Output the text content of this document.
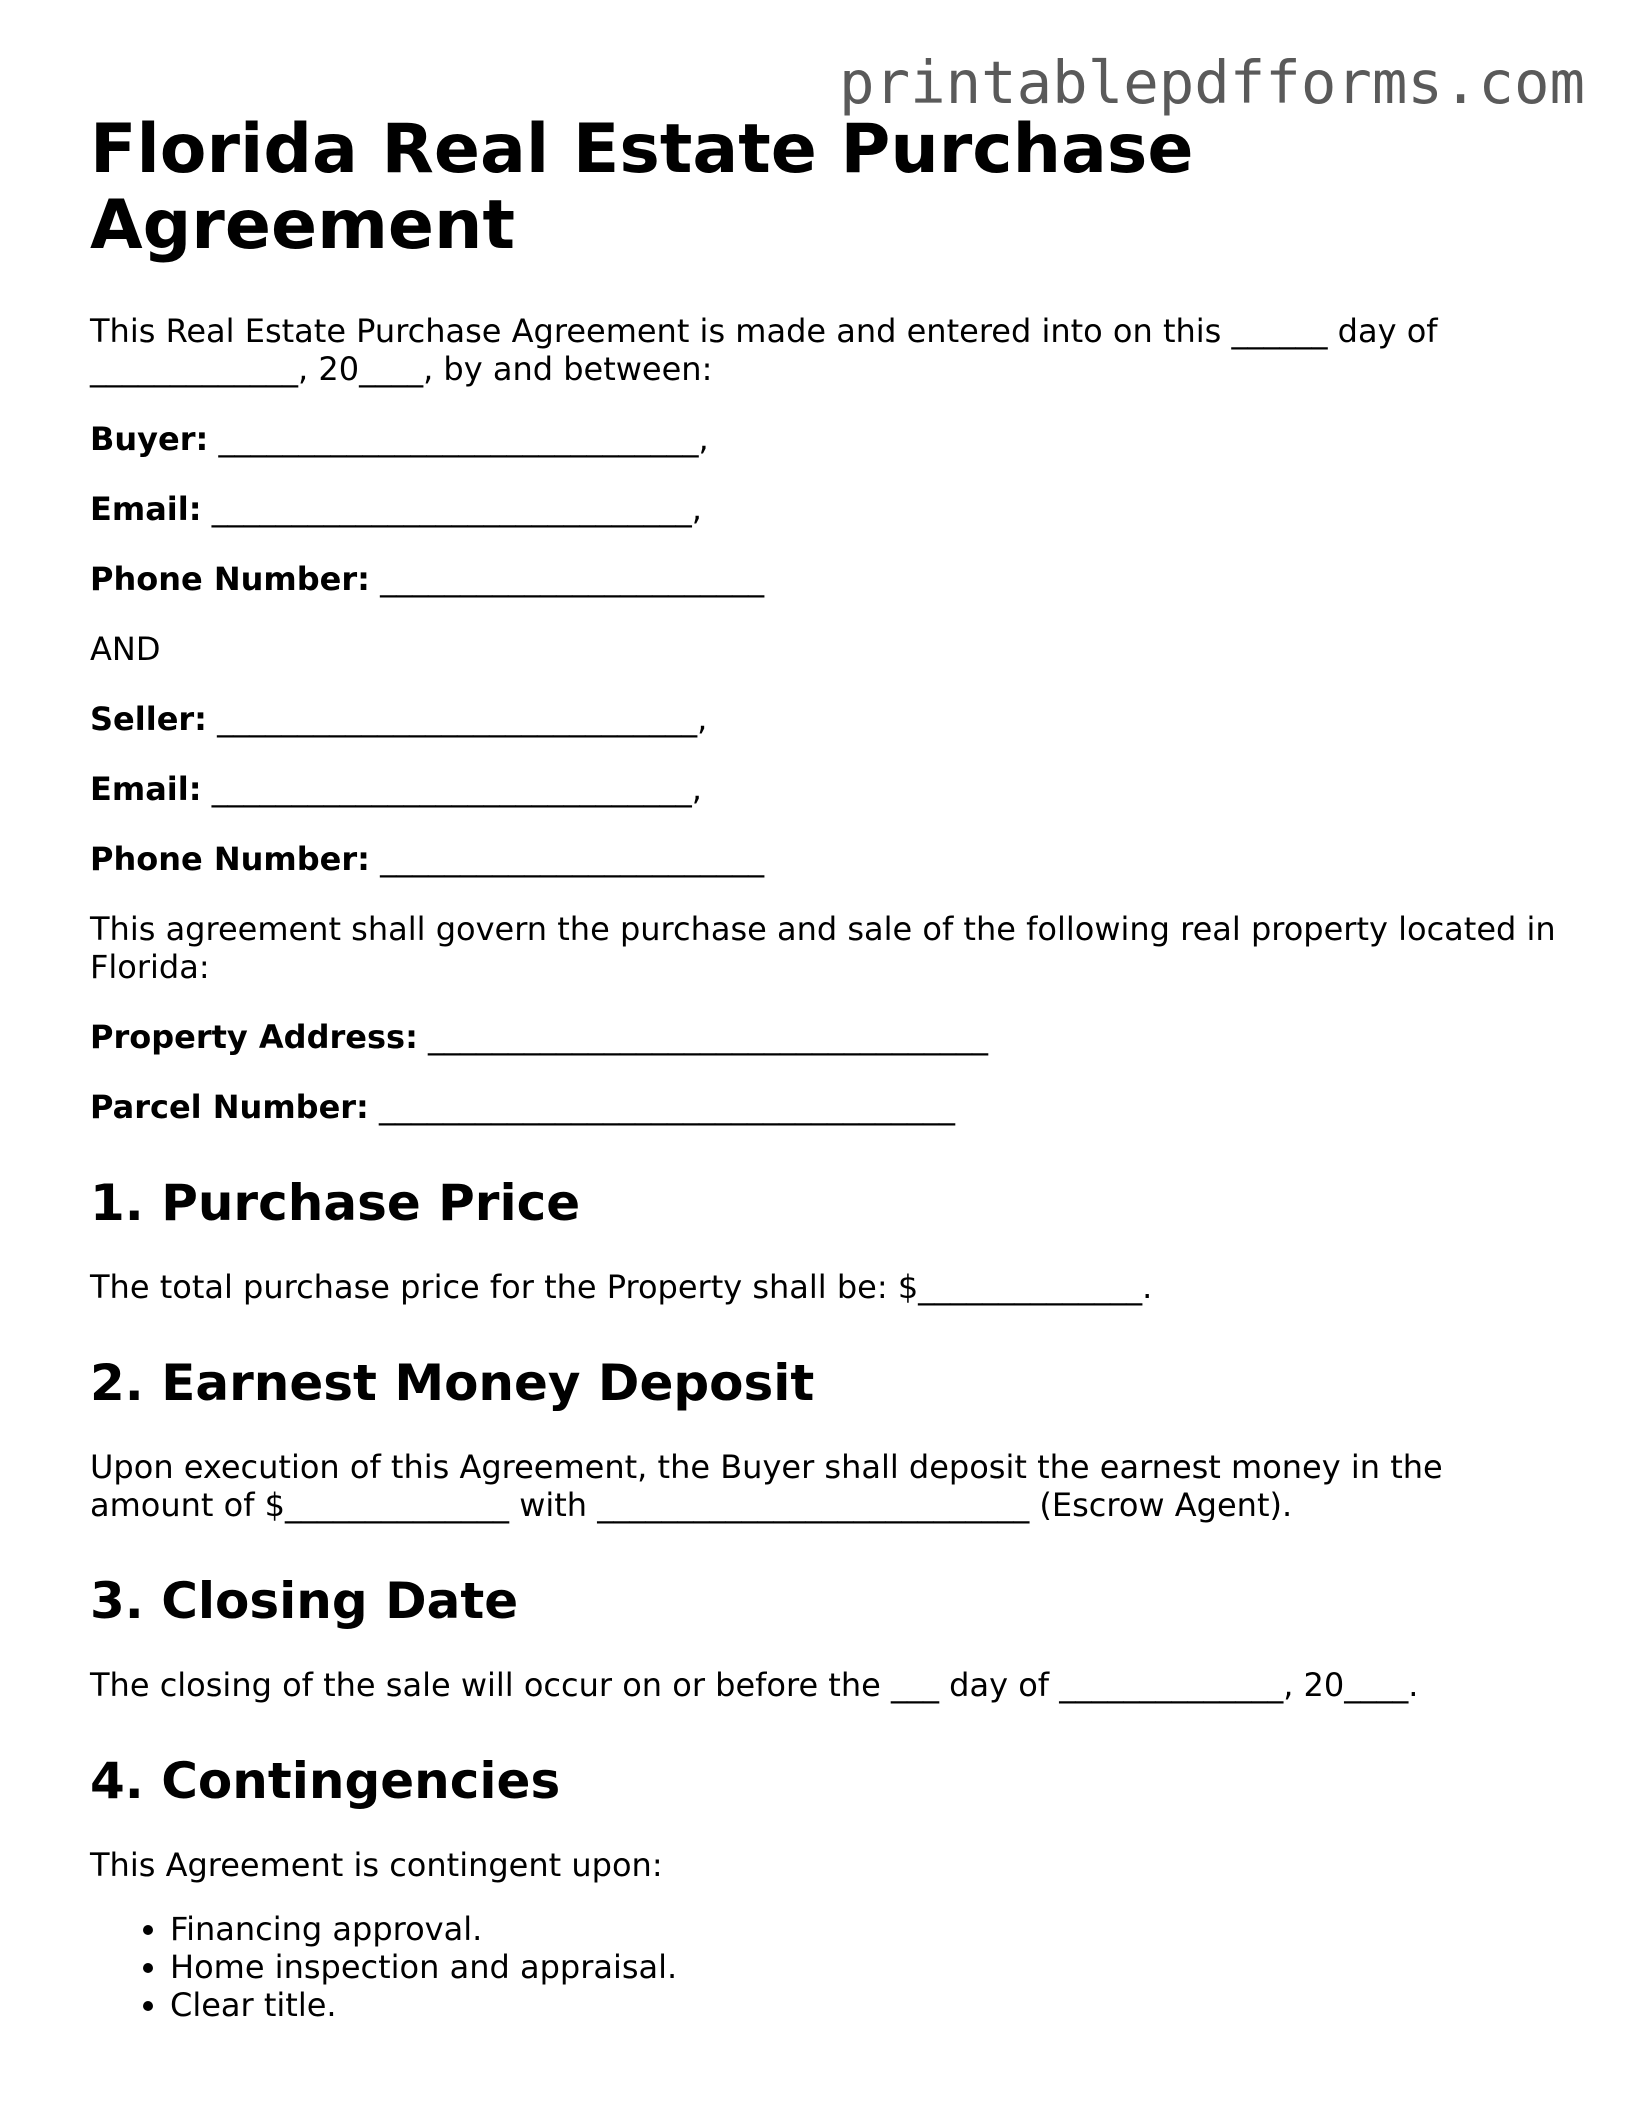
printablepdfforms.com
Florida Real Estate Purchase Agreement

This Real Estate Purchase Agreement is made and entered into on this ______ day of _____________, 20____, by and between:

Buyer: ______________________________,
Email: ______________________________,
Phone Number: ________________________

AND

Seller: ______________________________,
Email: ______________________________,
Phone Number: ________________________

This agreement shall govern the purchase and sale of the following real property located in Florida:

Property Address: ___________________________________
Parcel Number: ____________________________________
1. Purchase Price

The total purchase price for the Property shall be: $______________.

2. Earnest Money Deposit

Upon execution of this Agreement, the Buyer shall deposit the earnest money in the amount of $______________ with ___________________________ (Escrow Agent).

3. Closing Date

The closing of the sale will occur on or before the ___ day of ______________, 20____.

4. Contingencies

This Agreement is contingent upon:

• Financing approval.
• Home inspection and appraisal.
• Clear title.
